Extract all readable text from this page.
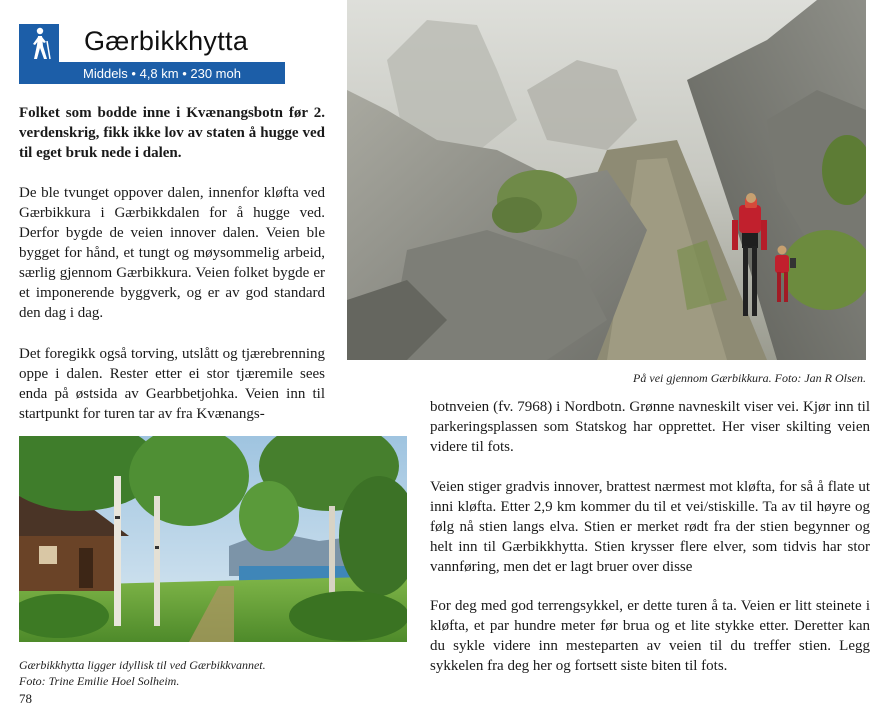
Gærbikkhytta
Middels • 4,8 km • 230 moh
Folket som bodde inne i Kvænangsbotn før 2. verdenskrig, fikk ikke lov av staten å hugge ved til eget bruk nede i dalen.
De ble tvunget oppover dalen, innenfor kløfta ved Gærbikkura i Gærbikkdalen for å hugge ved. Derfor bygde de veien innover dalen. Veien ble bygget for hånd, et tungt og møysommelig arbeid, særlig gjennom Gærbikkura. Veien folket bygde er et imponerende byggverk, og er av god standard den dag i dag.
Det foregikk også torving, utslått og tjærebrenning oppe i dalen. Rester etter ei stor tjæremile sees enda på østsida av Gearbbetjohka. Veien inn til startpunkt for turen tar av fra Kvænangs-	botnveien (fv. 7968) i Nordbotn. Grønne navneskilt viser vei. Kjør inn til parkeringsplassen som Statskog har opprettet. Her viser skilting veien videre til fots.
Veien stiger gradvis innover, brattest nærmest mot kløfta, for så å flate ut inni kløfta. Etter 2,9 km kommer du til et vei/stiskille. Ta av til høyre og følg nå stien langs elva. Stien er merket rødt fra der stien begynner og helt inn til Gærbikkhytta. Stien krysser flere elver, som tidvis har stor vannføring, men det er lagt bruer over disse
For deg med god terrengsykkel, er dette turen å ta. Veien er litt steinete i kløfta, et par hundre meter før brua og et lite stykke etter. Deretter kan du sykle videre inn mesteparten av veien til du treffer stien. Legg sykkelen fra deg her og fortsett siste biten til fots.
På vei gjennom Gærbikkura. Foto: Jan R Olsen.
Gærbikkhytta ligger idyllisk til ved Gærbikkvannet.
Foto: Trine Emilie Hoel Solheim.
78
